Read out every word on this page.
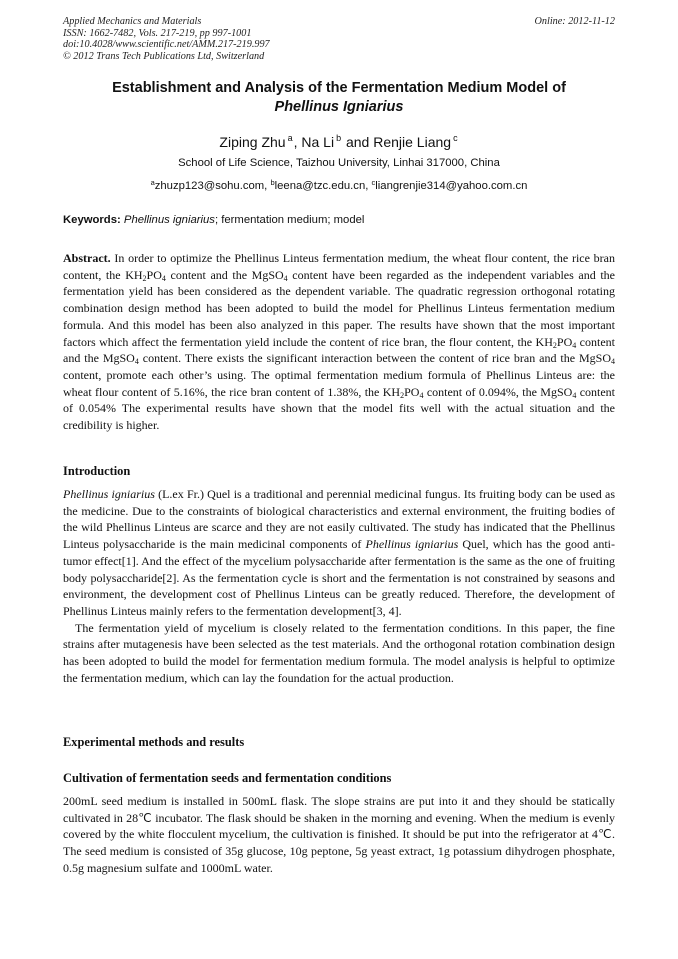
Applied Mechanics and Materials
ISSN: 1662-7482, Vols. 217-219, pp 997-1001
doi:10.4028/www.scientific.net/AMM.217-219.997
© 2012 Trans Tech Publications Ltd, Switzerland
Online: 2012-11-12
Establishment and Analysis of the Fermentation Medium Model of
Phellinus Igniarius
Ziping Zhu $^a$, Na Li $^b$ and Renjie Liang $^c$
School of Life Science, Taizhou University, Linhai 317000, China
$^a$zhuzp123@sohu.com, $^b$leena@tzc.edu.cn, $^c$liangrenjie314@yahoo.com.cn
Keywords: Phellinus igniarius; fermentation medium; model

Abstract. In order to optimize the Phellinus Linteus fermentation medium, the wheat flour content, the rice bran content, the $KH_2PO_4$ content and the MgSO$_4$ content have been regarded as the independent variables and the fermentation yield has been considered as the dependent variable. The quadratic regression orthogonal rotating combination design method has been adopted to build the model for Phellinus Linteus fermentation medium formula. And this model has been also analyzed in this paper. The results have shown that the most important factors which affect the fermentation yield include the content of rice bran, the flour content, the $KH_2PO_4$ content and the MgSO$_4$ content. There exists the significant interaction between the content of rice bran and the MgSO$_4$ content, promote each other’s using. The optimal fermentation medium formula of Phellinus Linteus are: the wheat flour content of 5.16%, the rice bran content of 1.38%, the $KH_2PO_4$ content of 0.094%, the MgSO$_4$ content of 0.054% The experimental results have shown that the model fits well with the actual situation and the credibility is higher.

Introduction

Phellinus igniarius (L.ex Fr.) Quel is a traditional and perennial medicinal fungus. Its fruiting body can be used as the medicine. Due to the constraints of biological characteristics and external environment, the fruiting bodies of the wild Phellinus Linteus are scarce and they are not easily cultivated. The study has indicated that the Phellinus Linteus polysaccharide is the main medicinal components of Phellinus igniarius Quel, which has the good anti-tumor effect[1]. And the effect of the mycelium polysaccharide after fermentation is the same as the one of fruiting body polysaccharide[2]. As the fermentation cycle is short and the fermentation is not constrained by seasons and environment, the development cost of Phellinus Linteus can be greatly reduced. Therefore, the development of Phellinus Linteus mainly refers to the fermentation development[3, 4].

The fermentation yield of mycelium is closely related to the fermentation conditions. In this paper, the fine strains after mutagenesis have been selected as the test materials. And the orthogonal rotation combination design has been adopted to build the model for fermentation medium formula. The model analysis is helpful to optimize the fermentation medium, which can lay the foundation for the actual production.

Experimental methods and results
Cultivation of fermentation seeds and fermentation conditions
200mL seed medium is installed in 500mL flask. The slope strains are put into it and they should be statically cultivated in 28℃ incubator. The flask should be shaken in the morning and evening. When the medium is evenly covered by the white flocculent mycelium, the cultivation is finished. It should be put into the refrigerator at 4℃. The seed medium is consisted of 35g glucose, 10g peptone, 5g yeast extract, 1g potassium dihydrogen phosphate, 0.5g magnesium sulfate and 1000mL water.
